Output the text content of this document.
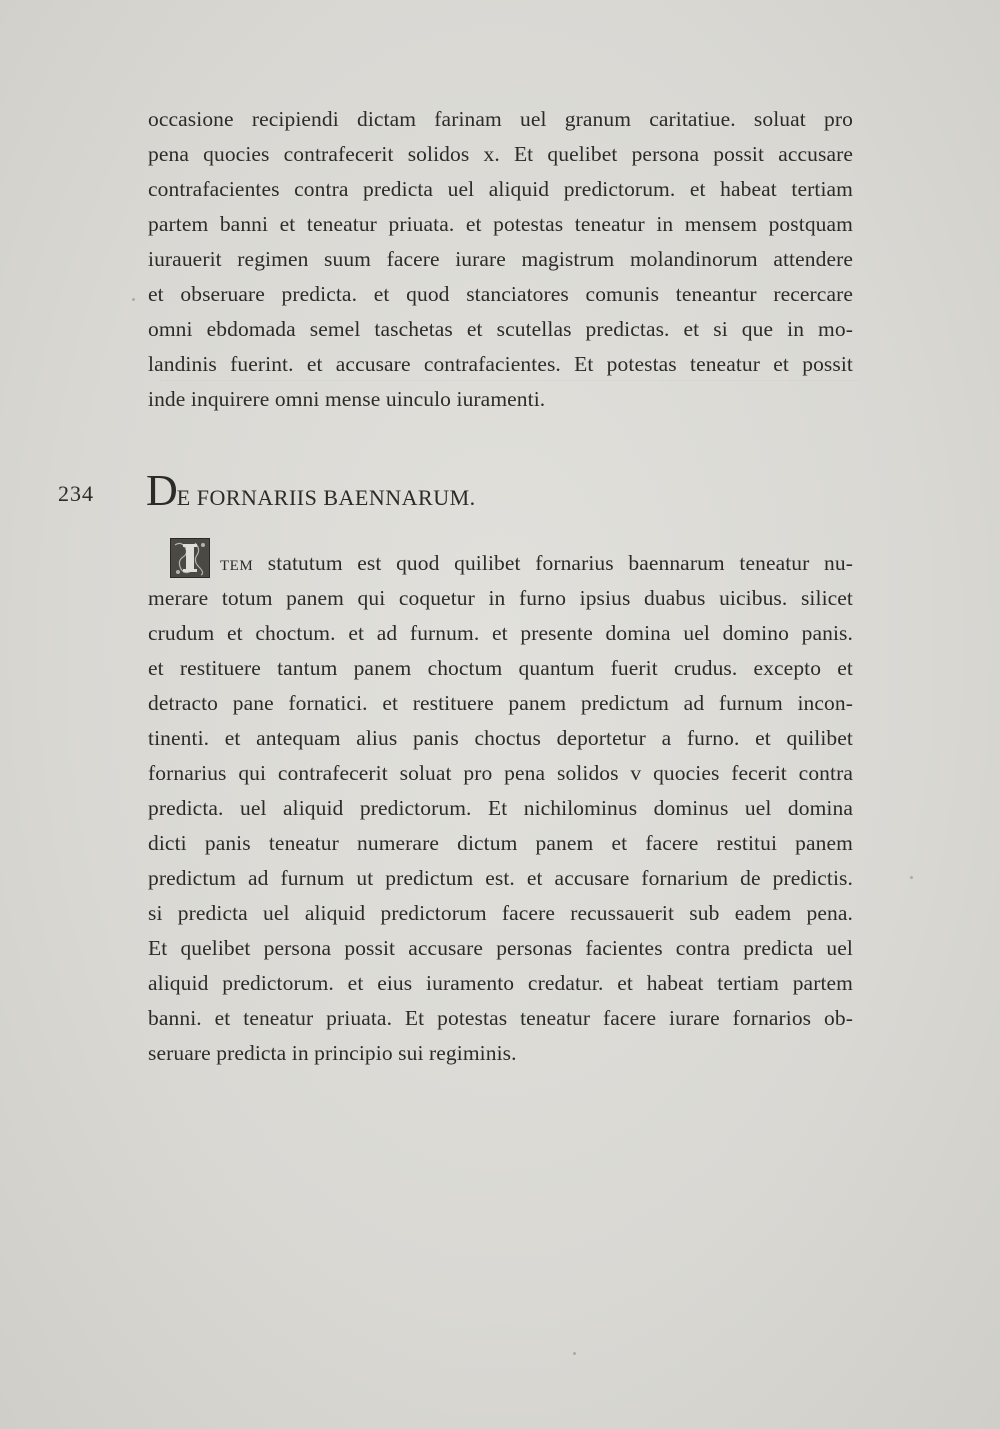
occasione recipiendi dictam farinam uel granum caritatiue. soluat pro
pena quocies contrafecerit solidos x. Et quelibet persona possit accusare
contrafacientes contra predicta uel aliquid predictorum. et habeat tertiam
partem banni et teneatur priuata. et potestas teneatur in mensem postquam
iurauerit regimen suum facere iurare magistrum molandinorum attendere
et obseruare predicta. et quod stanciatores comunis teneantur recercare
omni ebdomada semel taschetas et scutellas predictas. et si que in mo-
landinis fuerint. et accusare contrafacientes. Et potestas teneatur et possit
inde inquirere omni mense uinculo iuramenti.
234 DE FORNARIIS BAENNARUM.
TEM statutum est quod quilibet fornarius baennarum teneatur nu-
merare totum panem qui coquetur in furno ipsius duabus uicibus. silicet
crudum et choctum. et ad furnum. et presente domina uel domino panis.
et restituere tantum panem choctum quantum fuerit crudus. excepto et
detracto pane fornatici. et restituere panem predictum ad furnum incon-
tinenti. et antequam alius panis choctus deportetur a furno. et quilibet
fornarius qui contrafecerit soluat pro pena solidos v quocies fecerit contra
predicta. uel aliquid predictorum. Et nichilominus dominus uel domina
dicti panis teneatur numerare dictum panem et facere restitui panem
predictum ad furnum ut predictum est. et accusare fornarium de predictis.
si predicta uel aliquid predictorum facere recussauerit sub eadem pena.
Et quelibet persona possit accusare personas facientes contra predicta uel
aliquid predictorum. et eius iuramento credatur. et habeat tertiam partem
banni. et teneatur priuata. Et potestas teneatur facere iurare fornarios ob-
seruare predicta in principio sui regiminis.
